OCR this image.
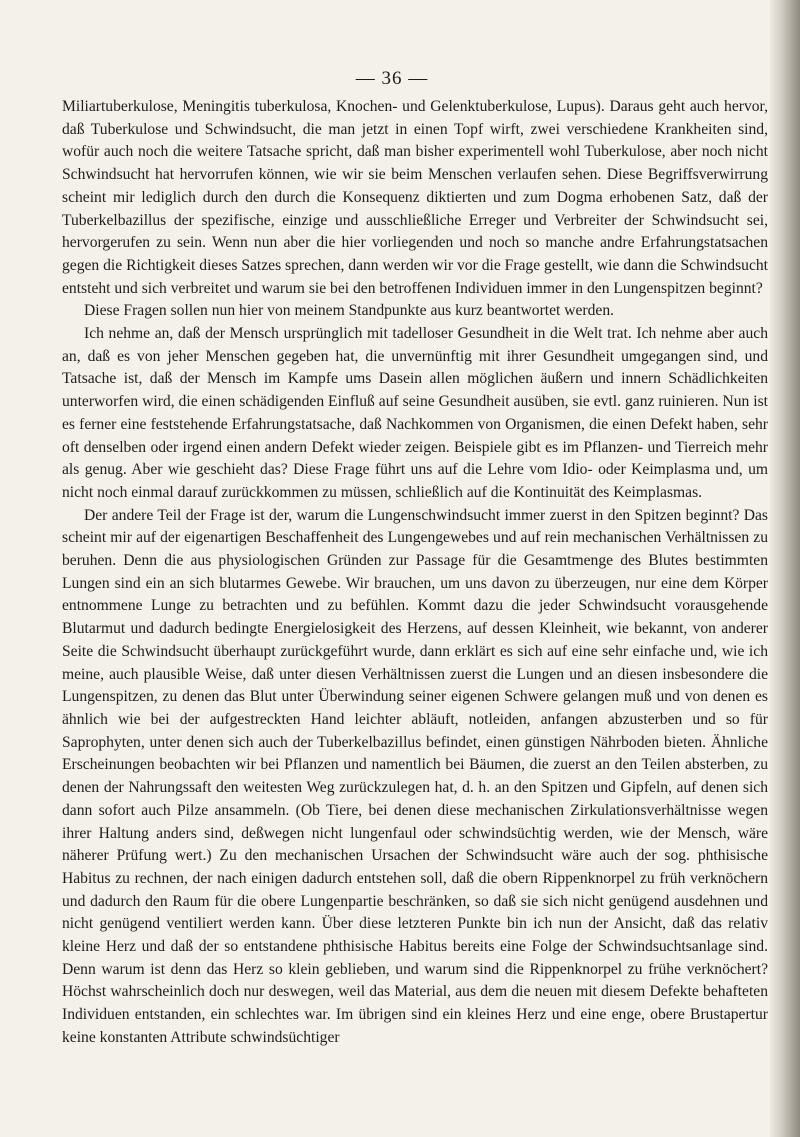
— 36 —

Miliartuberkulose, Meningitis tuberkulosa, Knochen- und Gelenktuberkulose, Lupus). Daraus geht auch hervor, daß Tuberkulose und Schwindsucht, die man jetzt in einen Topf wirft, zwei verschiedene Krankheiten sind, wofür auch noch die weitere Tatsache spricht, daß man bisher experimentell wohl Tuberkulose, aber noch nicht Schwindsucht hat hervorrufen können, wie wir sie beim Menschen verlaufen sehen. Diese Begriffsverwirrung scheint mir lediglich durch den durch die Konsequenz diktierten und zum Dogma erhobenen Satz, daß der Tuberkelbazillus der spezifische, einzige und ausschließliche Erreger und Verbreiter der Schwindsucht sei, hervorgerufen zu sein. Wenn nun aber die hier vorliegenden und noch so manche andre Erfahrungstatsachen gegen die Richtigkeit dieses Satzes sprechen, dann werden wir vor die Frage gestellt, wie dann die Schwindsucht entsteht und sich verbreitet und warum sie bei den betroffenen Individuen immer in den Lungenspitzen beginnt?

Diese Fragen sollen nun hier von meinem Standpunkte aus kurz beantwortet werden.

Ich nehme an, daß der Mensch ursprünglich mit tadelloser Gesundheit in die Welt trat. Ich nehme aber auch an, daß es von jeher Menschen gegeben hat, die unvernünftig mit ihrer Gesundheit umgegangen sind, und Tatsache ist, daß der Mensch im Kampfe ums Dasein allen möglichen äußern und innern Schädlichkeiten unterworfen wird, die einen schädigenden Einfluß auf seine Gesundheit ausüben, sie evtl. ganz ruinieren. Nun ist es ferner eine feststehende Erfahrungstatsache, daß Nachkommen von Organismen, die einen Defekt haben, sehr oft denselben oder irgend einen andern Defekt wieder zeigen. Beispiele gibt es im Pflanzen- und Tierreich mehr als genug. Aber wie geschieht das? Diese Frage führt uns auf die Lehre vom Idio- oder Keimplasma und, um nicht noch einmal darauf zurückkommen zu müssen, schließlich auf die Kontinuität des Keimplasmas.

Der andere Teil der Frage ist der, warum die Lungenschwindsucht immer zuerst in den Spitzen beginnt? Das scheint mir auf der eigenartigen Beschaffenheit des Lungengewebes und auf rein mechanischen Verhältnissen zu beruhen. Denn die aus physiologischen Gründen zur Passage für die Gesamtmenge des Blutes bestimmten Lungen sind ein an sich blutarmes Gewebe. Wir brauchen, um uns davon zu überzeugen, nur eine dem Körper entnommene Lunge zu betrachten und zu befühlen. Kommt dazu die jeder Schwindsucht vorausgehende Blutarmut und dadurch bedingte Energielosigkeit des Herzens, auf dessen Kleinheit, wie bekannt, von anderer Seite die Schwindsucht überhaupt zurückgeführt wurde, dann erklärt es sich auf eine sehr einfache und, wie ich meine, auch plausible Weise, daß unter diesen Verhältnissen zuerst die Lungen und an diesen insbesondere die Lungenspitzen, zu denen das Blut unter Überwindung seiner eigenen Schwere gelangen muß und von denen es ähnlich wie bei der aufgestreckten Hand leichter abläuft, notleiden, anfangen abzusterben und so für Saprophyten, unter denen sich auch der Tuberkelbazillus befindet, einen günstigen Nährboden bieten. Ähnliche Erscheinungen beobachten wir bei Pflanzen und namentlich bei Bäumen, die zuerst an den Teilen absterben, zu denen der Nahrungssaft den weitesten Weg zurückzulegen hat, d. h. an den Spitzen und Gipfeln, auf denen sich dann sofort auch Pilze ansammeln. (Ob Tiere, bei denen diese mechanischen Zirkulationsverhältnisse wegen ihrer Haltung anders sind, deßwegen nicht lungenfaul oder schwindsüchtig werden, wie der Mensch, wäre näherer Prüfung wert.) Zu den mechanischen Ursachen der Schwindsucht wäre auch der sog. phthisische Habitus zu rechnen, der nach einigen dadurch entstehen soll, daß die obern Rippenknorpel zu früh verknöchern und dadurch den Raum für die obere Lungenpartie beschränken, so daß sie sich nicht genügend ausdehnen und nicht genügend ventiliert werden kann. Über diese letzteren Punkte bin ich nun der Ansicht, daß das relativ kleine Herz und daß der so entstandene phthisische Habitus bereits eine Folge der Schwindsuchtsanlage sind. Denn warum ist denn das Herz so klein geblieben, und warum sind die Rippenknorpel zu frühe verknöchert? Höchst wahrscheinlich doch nur deswegen, weil das Material, aus dem die neuen mit diesem Defekte behafteten Individuen entstanden, ein schlechtes war. Im übrigen sind ein kleines Herz und eine enge, obere Brustapertur keine konstanten Attribute schwindsüchtiger
